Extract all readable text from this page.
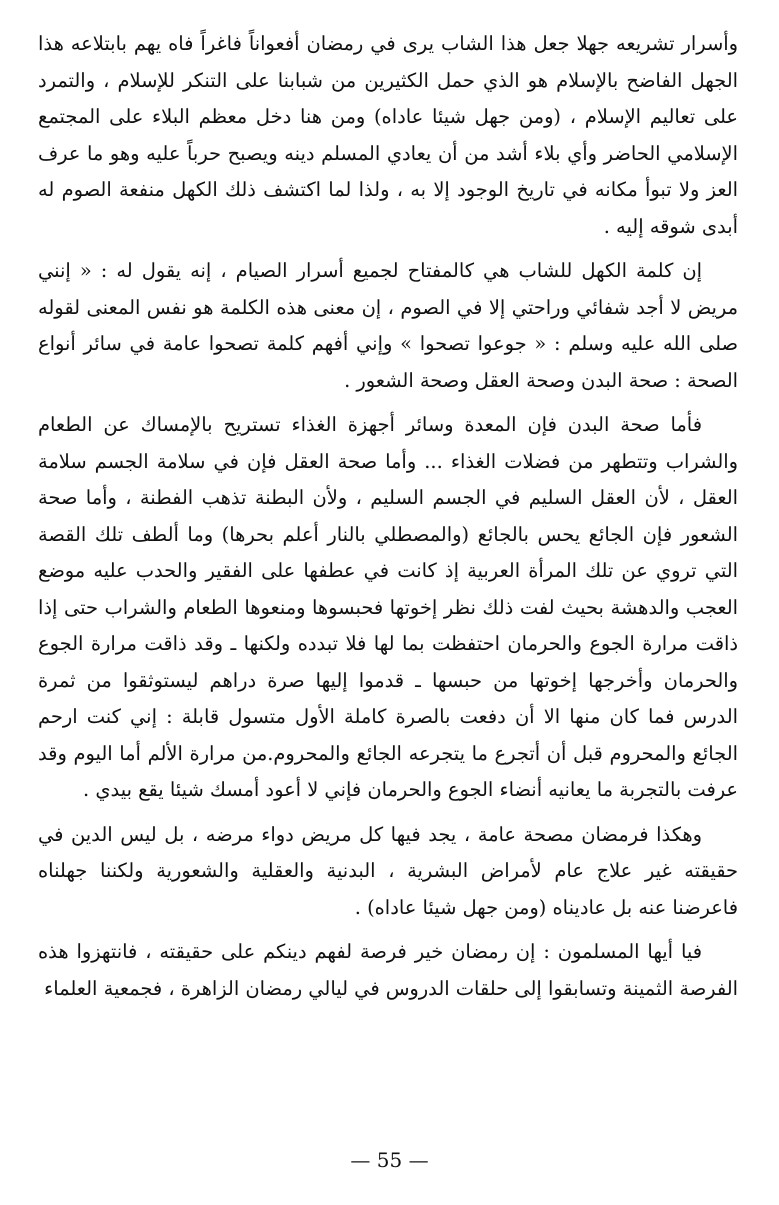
وأسرار تشريعه جهلا جعل هذا الشاب يرى في رمضان أفعواناً فاغراً فاه يهم بابتلاعه هذا الجهل الفاضح بالإسلام هو الذي حمل الكثيرين من شبابنا على التنكر للإسلام ، والتمرد على تعاليم الإسلام ، (ومن جهل شيئا عاداه) ومن هنا دخل معظم البلاء على المجتمع الإسلامي الحاضر وأي بلاء أشد من أن يعادي المسلم دينه ويصبح حرباً عليه وهو ما عرف العز ولا تبوأ مكانه في تاريخ الوجود إلا به ، ولذا لما اكتشف ذلك الكهل منفعة الصوم له أبدى شوقه إليه .

إن كلمة الكهل للشاب هي كالمفتاح لجميع أسرار الصيام ، إنه يقول له : « إنني مريض لا أجد شفائي وراحتي إلا في الصوم ، إن معنى هذه الكلمة هو نفس المعنى لقوله صلى الله عليه وسلم : « جوعوا تصحوا » وإني أفهم كلمة تصحوا عامة في سائر أنواع الصحة : صحة البدن وصحة العقل وصحة الشعور .

فأما صحة البدن فإن المعدة وسائر أجهزة الغذاء تستريح بالإمساك عن الطعام والشراب وتتطهر من فضلات الغذاء ... وأما صحة العقل فإن في سلامة الجسم سلامة العقل ، لأن العقل السليم في الجسم السليم ، ولأن البطنة تذهب الفطنة ، وأما صحة الشعور فإن الجائع يحس بالجائع (والمصطلي بالنار أعلم بحرها) وما ألطف تلك القصة التي تروي عن تلك المرأة العربية إذ كانت في عطفها على الفقير والحدب عليه موضع العجب والدهشة بحيث لفت ذلك نظر إخوتها فحبسوها ومنعوها الطعام والشراب حتى إذا ذاقت مرارة الجوع والحرمان احتفظت بما لها فلا تبدده ولكنها ـ وقد ذاقت مرارة الجوع والحرمان وأخرجها إخوتها من حبسها ـ قدموا إليها صرة دراهم ليستوثقوا من ثمرة الدرس فما كان منها الا أن دفعت بالصرة كاملة الأول متسول قابلة : إني كنت ارحم الجائع والمحروم قبل أن أتجرع ما يتجرعه الجائع والمحروم.من مرارة الألم أما اليوم وقد عرفت بالتجربة ما يعانيه أنضاء الجوع والحرمان فإني لا أعود أمسك شيئا يقع بيدي .

وهكذا فرمضان مصحة عامة ، يجد فيها كل مريض دواء مرضه ، بل ليس الدين في حقيقته غير علاج عام لأمراض البشرية ، البدنية والعقلية والشعورية ولكننا جهلناه فاعرضنا عنه بل عاديناه (ومن جهل شيئا عاداه) .

فيا أيها المسلمون : إن رمضان خير فرصة لفهم دينكم على حقيقته ، فانتهزوا هذه الفرصة الثمينة وتسابقوا إلى حلقات الدروس في ليالي رمضان الزاهرة ، فجمعية العلماء

— 55 —
